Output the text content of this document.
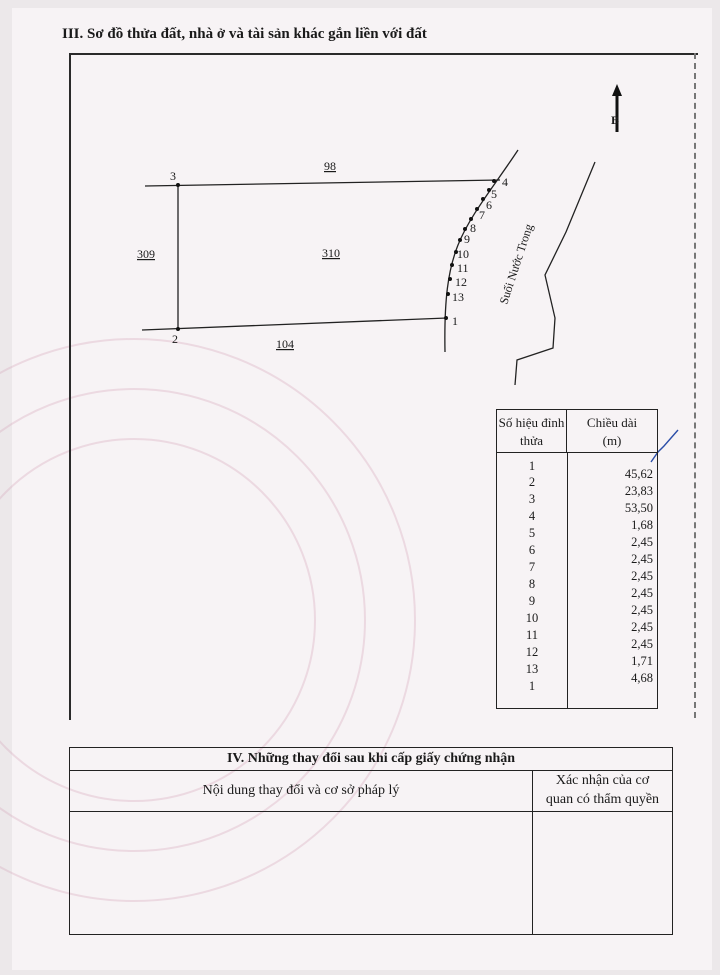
III. Sơ đồ thửa đất, nhà ở và tài sản khác gắn liền với đất
B
98
309	310
104
3
2
1
4
5
6
7
8
9
10
11
12
13	Suối Nước Trong
Số hiệu đỉnh thửa
Chiều dài
(m)
1
2
3
4
5
6
7
8
9
10
11
12
13
1
45,62
23,83
53,50
1,68
2,45
2,45
2,45
2,45
2,45
2,45
2,45
1,71
4,68
IV. Những thay đổi sau khi cấp giấy chứng nhận
Nội dung thay đổi và cơ sở pháp lý
Xác nhận của cơ
quan có thẩm quyền
